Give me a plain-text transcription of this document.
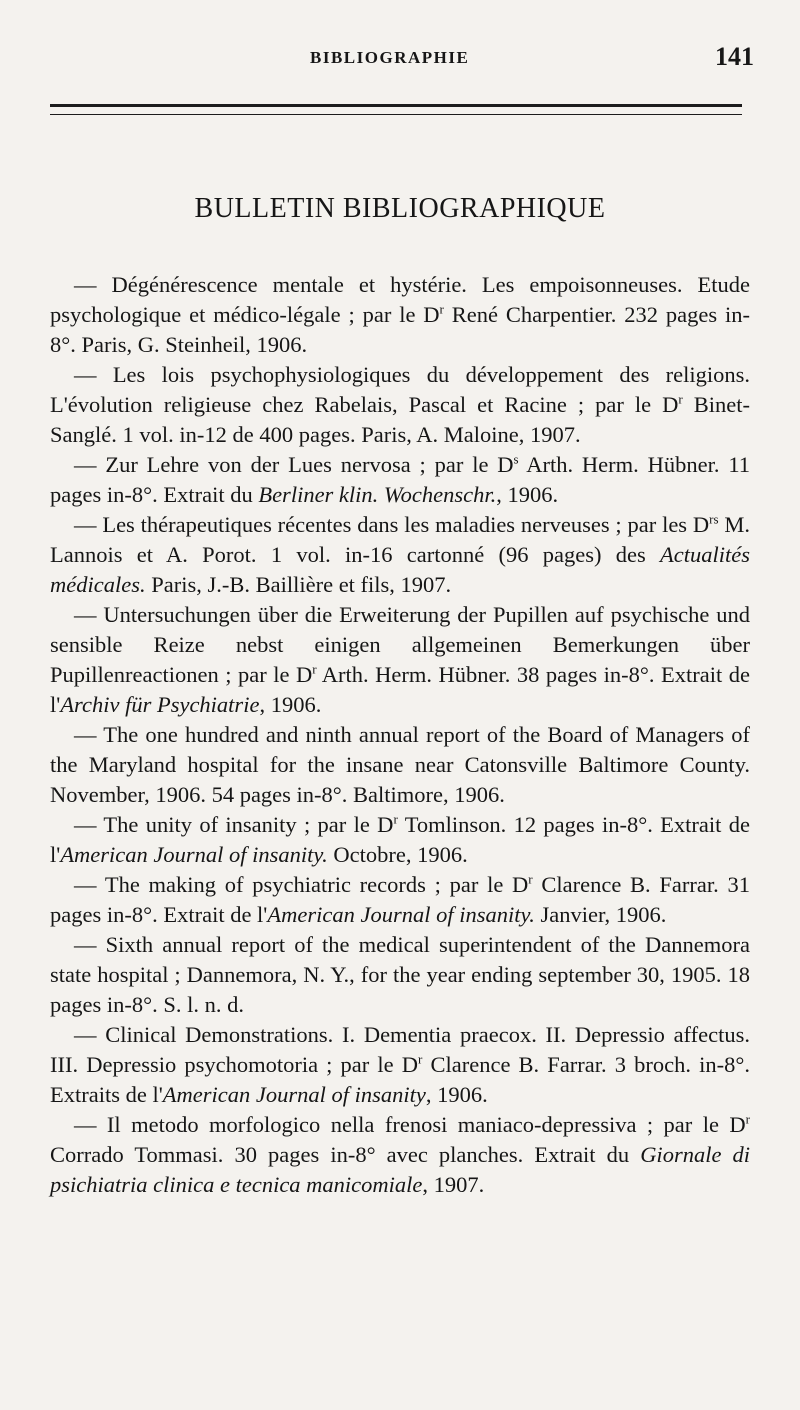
BIBLIOGRAPHIE	141
BULLETIN BIBLIOGRAPHIQUE

— Dégénérescence mentale et hystérie. Les empoisonneuses. Etude psychologique et médico-légale ; par le $D^r$ René Charpentier. 232 pages in-8°. Paris, G. Steinheil, 1906.

— Les lois psychophysiologiques du développement des religions. L'évolution religieuse chez Rabelais, Pascal et Racine ; par le $D^r$ Binet-Sanglé. 1 vol. in-12 de 400 pages. Paris, A. Maloine, 1907.

— Zur Lehre von der Lues nervosa ; par le $D^s$ Arth. Herm. Hübner. 11 pages in-8°. Extrait du Berliner klin. Wochenschr., 1906.

— Les thérapeutiques récentes dans les maladies nerveuses ; par les $D^{rs}$ M. Lannois et A. Porot. 1 vol. in-16 cartonné (96 pages) des Actualités médicales. Paris, J.-B. Baillière et fils, 1907.

— Untersuchungen über die Erweiterung der Pupillen auf psychische und sensible Reize nebst einigen allgemeinen Bemerkungen über Pupillenreactionen ; par le $D^r$ Arth. Herm. Hübner. 38 pages in-8°. Extrait de l'Archiv für Psychiatrie, 1906.

— The one hundred and ninth annual report of the Board of Managers of the Maryland hospital for the insane near Catonsville Baltimore County. November, 1906. 54 pages in-8°. Baltimore, 1906.

— The unity of insanity ; par le $D^r$ Tomlinson. 12 pages in-8°. Extrait de l'American Journal of insanity. Octobre, 1906.

— The making of psychiatric records ; par le $D^r$ Clarence B. Farrar. 31 pages in-8°. Extrait de l'American Journal of insanity. Janvier, 1906.

— Sixth annual report of the medical superintendent of the Dannemora state hospital ; Dannemora, N. Y., for the year ending september 30, 1905. 18 pages in-8°. S. l. n. d.

— Clinical Demonstrations. I. Dementia praecox. II. Depressio affectus. III. Depressio psychomotoria ; par le $D^r$ Clarence B. Farrar. 3 broch. in-8°. Extraits de l'American Journal of insanity, 1906.

— Il metodo morfologico nella frenosi maniaco-depressiva ; par le $D^r$ Corrado Tommasi. 30 pages in-8° avec planches. Extrait du Giornale di psichiatria clinica e tecnica manicomiale, 1907.
